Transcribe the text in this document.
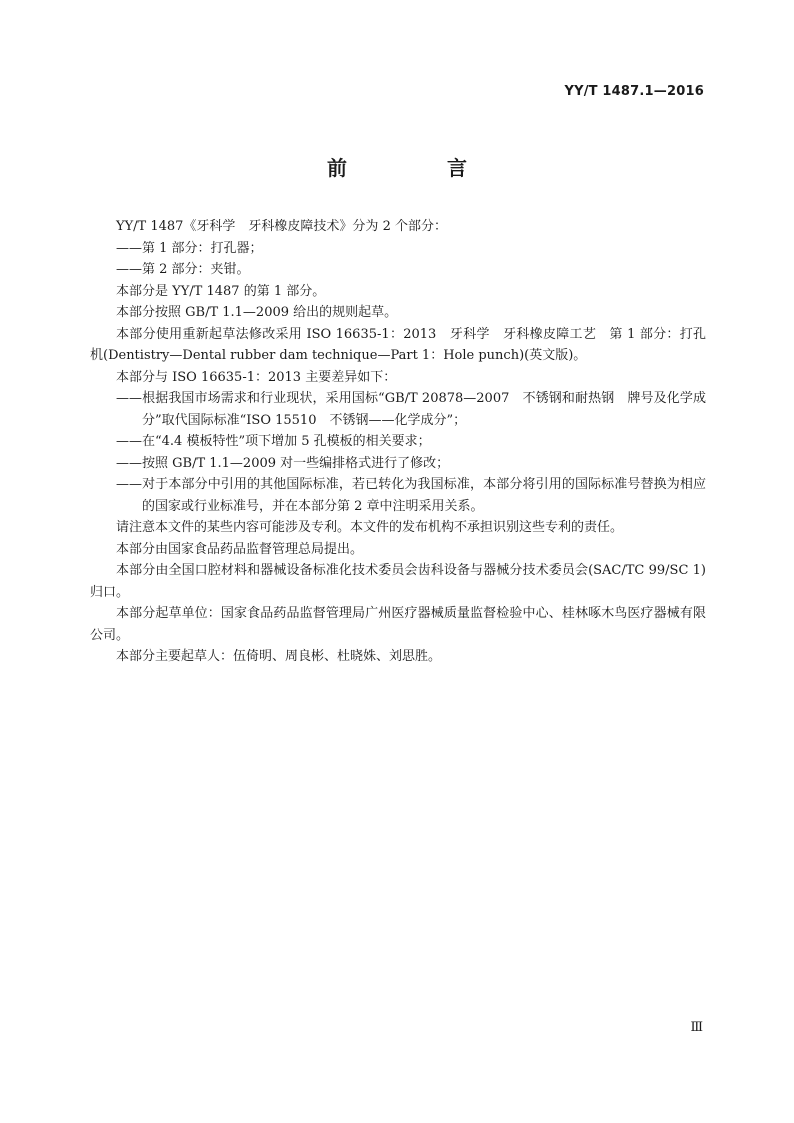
YY/T 1487.1—2016
前　言

YY/T 1487《牙科学　牙科橡皮障技术》分为 2 个部分：

——第 1 部分：打孔器；

——第 2 部分：夹钳。

本部分是 YY/T 1487 的第 1 部分。

本部分按照 GB/T 1.1—2009 给出的规则起草。

本部分使用重新起草法修改采用 ISO 16635-1：2013　牙科学　牙科橡皮障工艺　第 1 部分：打孔机(Dentistry—Dental rubber dam technique—Part 1：Hole punch)(英文版)。

本部分与 ISO 16635-1：2013 主要差异如下：

——根据我国市场需求和行业现状，采用国标“GB/T 20878—2007　不锈钢和耐热钢　牌号及化学成分”取代国际标准“ISO 15510　不锈钢——化学成分”；

——在“4.4 模板特性”项下增加 5 孔模板的相关要求；

——按照 GB/T 1.1—2009 对一些编排格式进行了修改；

——对于本部分中引用的其他国际标准，若已转化为我国标准，本部分将引用的国际标准号替换为相应的国家或行业标准号，并在本部分第 2 章中注明采用关系。

请注意本文件的某些内容可能涉及专利。本文件的发布机构不承担识别这些专利的责任。

本部分由国家食品药品监督管理总局提出。

本部分由全国口腔材料和器械设备标准化技术委员会齿科设备与器械分技术委员会(SAC/TC 99/SC 1)归口。

本部分起草单位：国家食品药品监督管理局广州医疗器械质量监督检验中心、桂林啄木鸟医疗器械有限公司。

本部分主要起草人：伍倚明、周良彬、杜晓姝、刘思胜。

Ⅲ
